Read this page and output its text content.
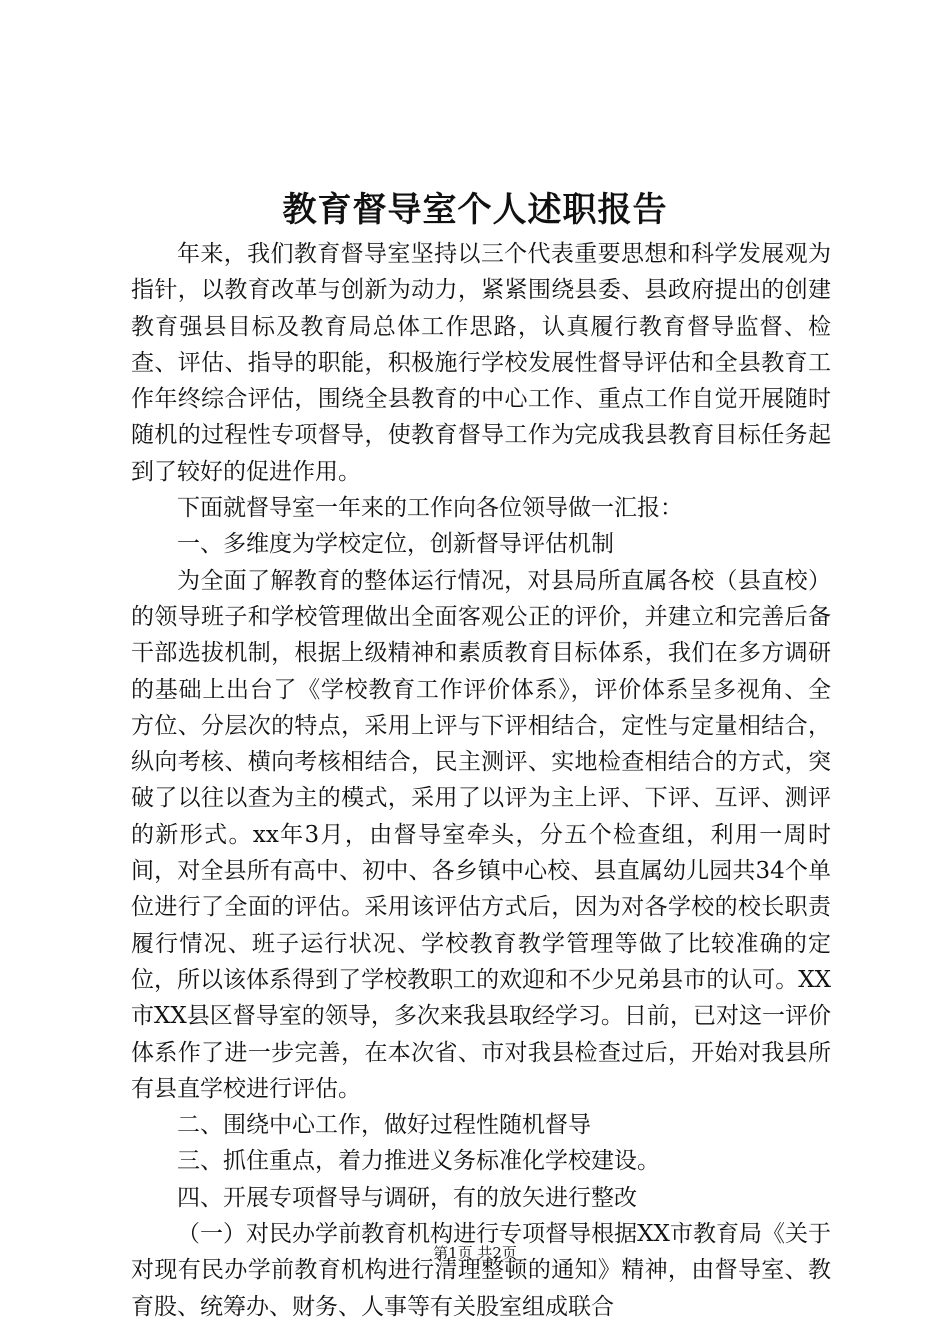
教育督导室个人述职报告

年来，我们教育督导室坚持以三个代表重要思想和科学发展观为指针，以教育改革与创新为动力，紧紧围绕县委、县政府提出的创建教育强县目标及教育局总体工作思路，认真履行教育督导监督、检查、评估、指导的职能，积极施行学校发展性督导评估和全县教育工作年终综合评估，围绕全县教育的中心工作、重点工作自觉开展随时随机的过程性专项督导，使教育督导工作为完成我县教育目标任务起到了较好的促进作用。

下面就督导室一年来的工作向各位领导做一汇报：

一、多维度为学校定位，创新督导评估机制

为全面了解教育的整体运行情况，对县局所直属各校（县直校）的领导班子和学校管理做出全面客观公正的评价，并建立和完善后备干部选拔机制，根据上级精神和素质教育目标体系，我们在多方调研的基础上出台了《学校教育工作评价体系》，评价体系呈多视角、全方位、分层次的特点，采用上评与下评相结合，定性与定量相结合，纵向考核、横向考核相结合，民主测评、实地检查相结合的方式，突破了以往以查为主的模式，采用了以评为主上评、下评、互评、测评的新形式。xx年3月，由督导室牵头，分五个检查组，利用一周时间，对全县所有高中、初中、各乡镇中心校、县直属幼儿园共34个单位进行了全面的评估。采用该评估方式后，因为对各学校的校长职责履行情况、班子运行状况、学校教育教学管理等做了比较准确的定位，所以该体系得到了学校教职工的欢迎和不少兄弟县市的认可。XX市XX县区督导室的领导，多次来我县取经学习。日前，已对这一评价体系作了进一步完善，在本次省、市对我县检查过后，开始对我县所有县直学校进行评估。

二、围绕中心工作，做好过程性随机督导

三、抓住重点，着力推进义务标准化学校建设。

四、开展专项督导与调研，有的放矢进行整改

（一）对民办学前教育机构进行专项督导根据XX市教育局《关于对现有民办学前教育机构进行清理整顿的通知》精神，由督导室、教育股、统筹办、财务、人事等有关股室组成联合

第1页 共2页
